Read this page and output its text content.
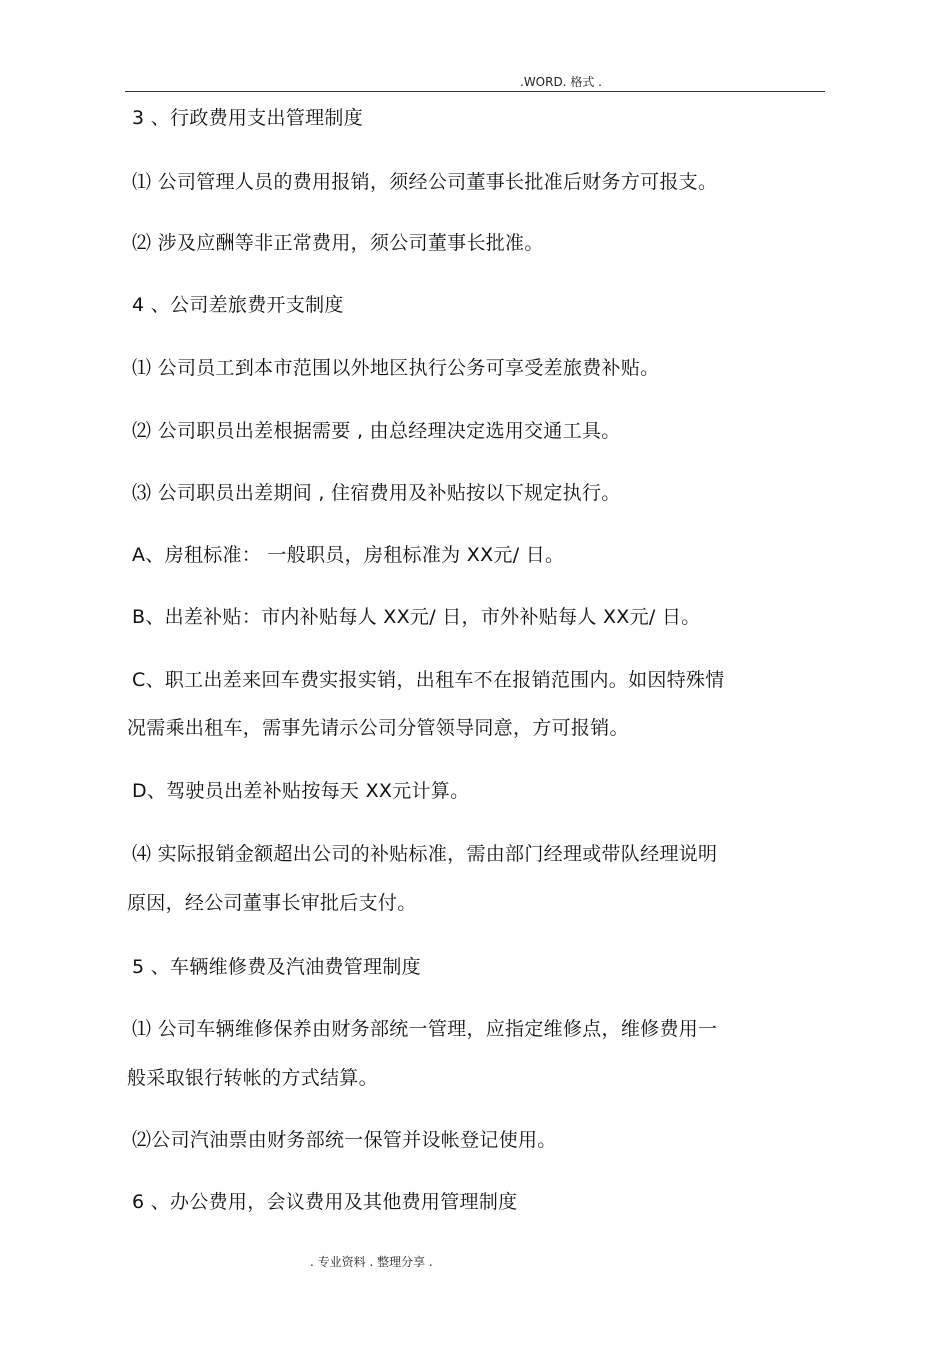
.WORD. 格式 .
3 、行政费用支出管理制度
⑴ 公司管理人员的费用报销，须经公司董事长批准后财务方可报支。
⑵ 涉及应酬等非正常费用，须公司董事长批准。
4 、公司差旅费开支制度
⑴ 公司员工到本市范围以外地区执行公务可享受差旅费补贴。
⑵ 公司职员出差根据需要 , 由总经理决定选用交通工具。
⑶ 公司职员出差期间 , 住宿费用及补贴按以下规定执行。
A、房租标准： 一般职员，房租标准为 XX元/ 日。
B、出差补贴：市内补贴每人 XX元/ 日，市外补贴每人 XX元/ 日。
C、职工出差来回车费实报实销，出租车不在报销范围内。如因特殊情
况需乘出租车，需事先请示公司分管领导同意，方可报销。
D、驾驶员出差补贴按每天 XX元计算。
⑷ 实际报销金额超出公司的补贴标准，需由部门经理或带队经理说明
原因，经公司董事长审批后支付。
5 、车辆维修费及汽油费管理制度
⑴ 公司车辆维修保养由财务部统一管理，应指定维修点，维修费用一
般采取银行转帐的方式结算。
⑵公司汽油票由财务部统一保管并设帐登记使用。
6 、办公费用，会议费用及其他费用管理制度
. 专业资料 . 整理分享 .
